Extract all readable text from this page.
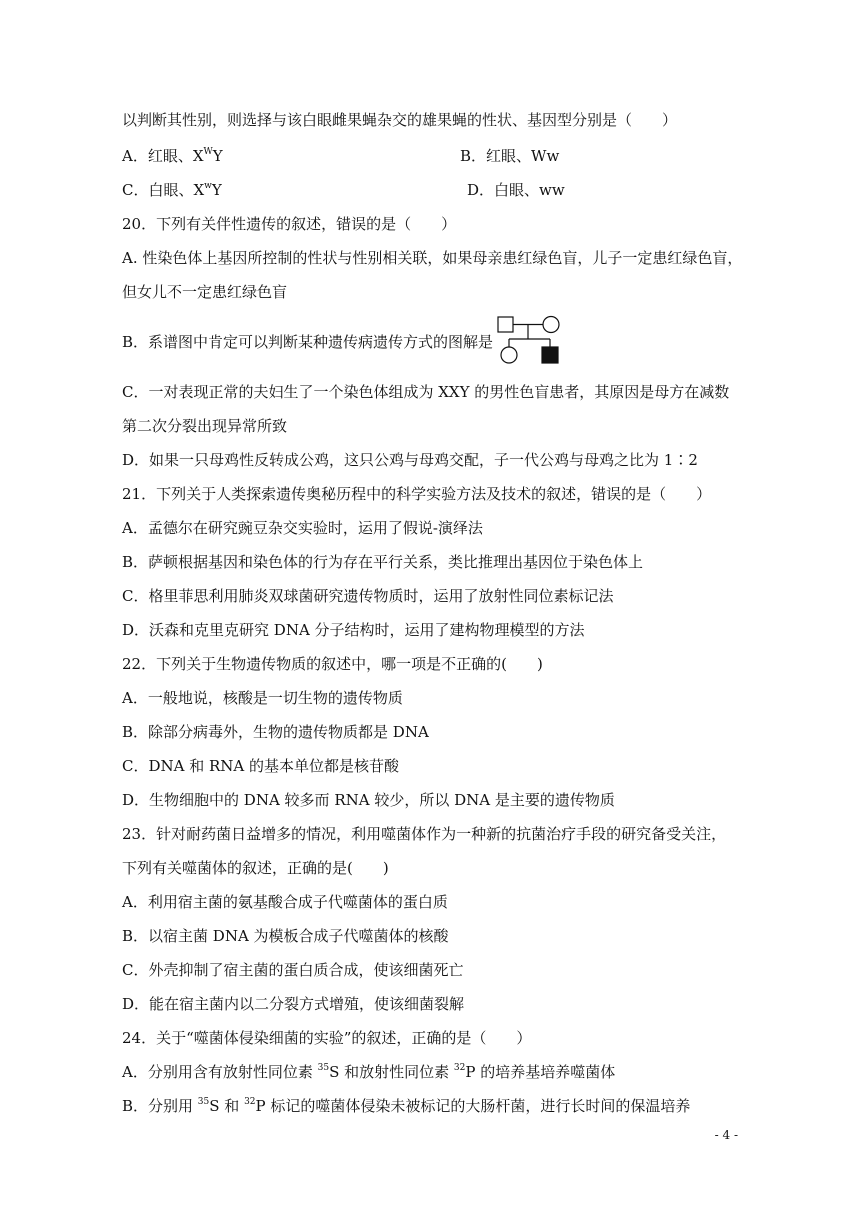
以判断其性别，则选择与该白眼雌果蝇杂交的雄果蝇的性状、基因型分别是（　　）
A．红眼、$X^WY$	B．红眼、Ww
C．白眼、$X^wY$	D．白眼、ww
20．下列有关伴性遗传的叙述，错误的是（　　）
A. 性染色体上基因所控制的性状与性别相关联，如果母亲患红绿色盲，儿子一定患红绿色盲，
但女儿不一定患红绿色盲
B．系谱图中肯定可以判断某种遗传病遗传方式的图解是
C．一对表现正常的夫妇生了一个染色体组成为 XXY 的男性色盲患者，其原因是母方在减数
第二次分裂出现异常所致
D．如果一只母鸡性反转成公鸡，这只公鸡与母鸡交配，子一代公鸡与母鸡之比为 1∶2
21．下列关于人类探索遗传奥秘历程中的科学实验方法及技术的叙述，错误的是（　　）
A．孟德尔在研究豌豆杂交实验时，运用了假说-演绎法
B．萨顿根据基因和染色体的行为存在平行关系，类比推理出基因位于染色体上
C．格里菲思利用肺炎双球菌研究遗传物质时，运用了放射性同位素标记法
D．沃森和克里克研究 DNA 分子结构时，运用了建构物理模型的方法
22．下列关于生物遗传物质的叙述中，哪一项是不正确的(　　)
A．一般地说，核酸是一切生物的遗传物质
B．除部分病毒外，生物的遗传物质都是 DNA
C．DNA 和 RNA 的基本单位都是核苷酸
D．生物细胞中的 DNA 较多而 RNA 较少，所以 DNA 是主要的遗传物质
23．针对耐药菌日益增多的情况，利用噬菌体作为一种新的抗菌治疗手段的研究备受关注，
下列有关噬菌体的叙述，正确的是(　　)
A．利用宿主菌的氨基酸合成子代噬菌体的蛋白质
B．以宿主菌 DNA 为模板合成子代噬菌体的核酸
C．外壳抑制了宿主菌的蛋白质合成，使该细菌死亡
D．能在宿主菌内以二分裂方式增殖，使该细菌裂解
24．关于“噬菌体侵染细菌的实验”的叙述，正确的是（　　）
A．分别用含有放射性同位素 $^{35}$S 和放射性同位素 $^{32}$P 的培养基培养噬菌体
B．分别用 $^{35}$S 和 $^{32}$P 标记的噬菌体侵染未被标记的大肠杆菌，进行长时间的保温培养
- 4 -
